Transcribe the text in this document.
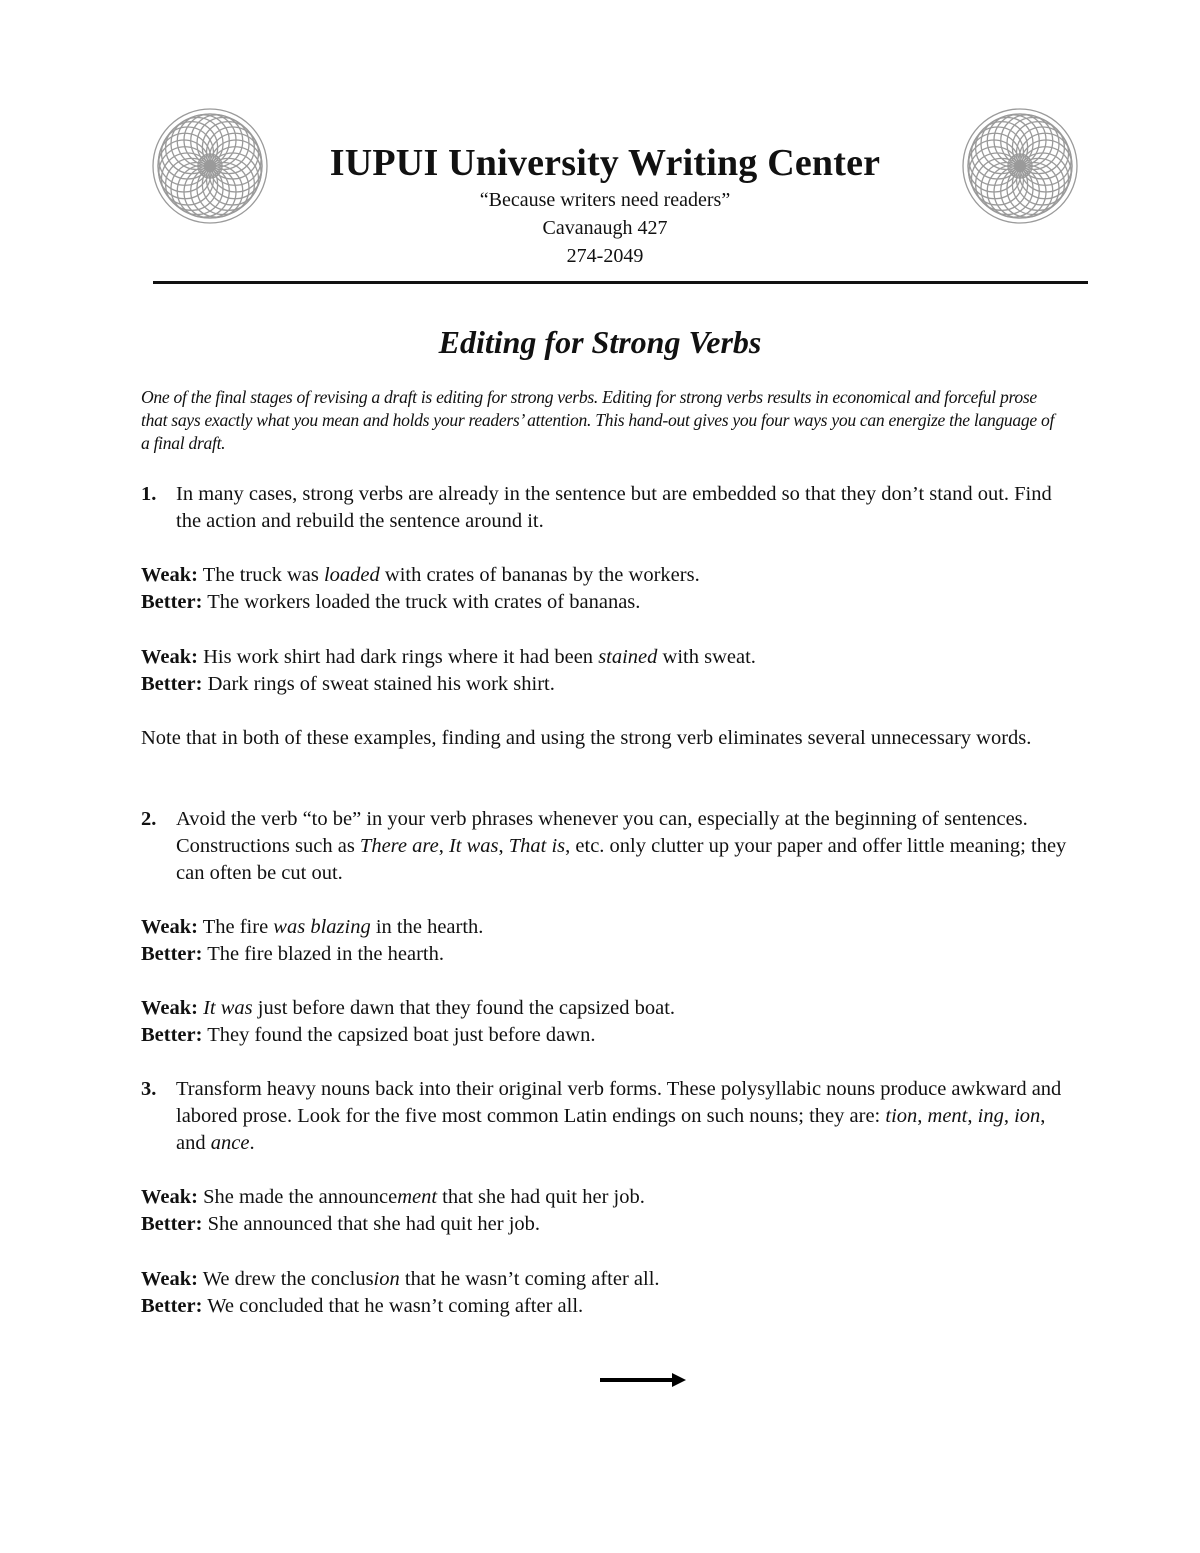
IUPUI University Writing Center

“Because writers need readers”

Cavanaugh 427

274-2049

Editing for Strong Verbs

One of the final stages of revising a draft is editing for strong verbs. Editing for strong verbs results in economical and forceful prose that says exactly what you mean and holds your readers’ attention. This hand-out gives you four ways you can energize the language of a final draft.

1. In many cases, strong verbs are already in the sentence but are embedded so that they don’t stand out. Find the action and rebuild the sentence around it.

Weak: The truck was loaded with crates of bananas by the workers.

Better: The workers loaded the truck with crates of bananas.

Weak: His work shirt had dark rings where it had been stained with sweat.

Better: Dark rings of sweat stained his work shirt.

Note that in both of these examples, finding and using the strong verb eliminates several unnecessary words.

2. Avoid the verb “to be” in your verb phrases whenever you can, especially at the beginning of sentences. Constructions such as There are, It was, That is, etc. only clutter up your paper and offer little meaning; they can often be cut out.

Weak: The fire was blazing in the hearth.

Better: The fire blazed in the hearth.

Weak: It was just before dawn that they found the capsized boat.

Better: They found the capsized boat just before dawn.

3. Transform heavy nouns back into their original verb forms. These polysyllabic nouns produce awkward and labored prose. Look for the five most common Latin endings on such nouns; they are: tion, ment, ing, ion, and ance.

Weak: She made the announcement that she had quit her job.

Better: She announced that she had quit her job.

Weak: We drew the conclusion that he wasn’t coming after all.

Better: We concluded that he wasn’t coming after all.
